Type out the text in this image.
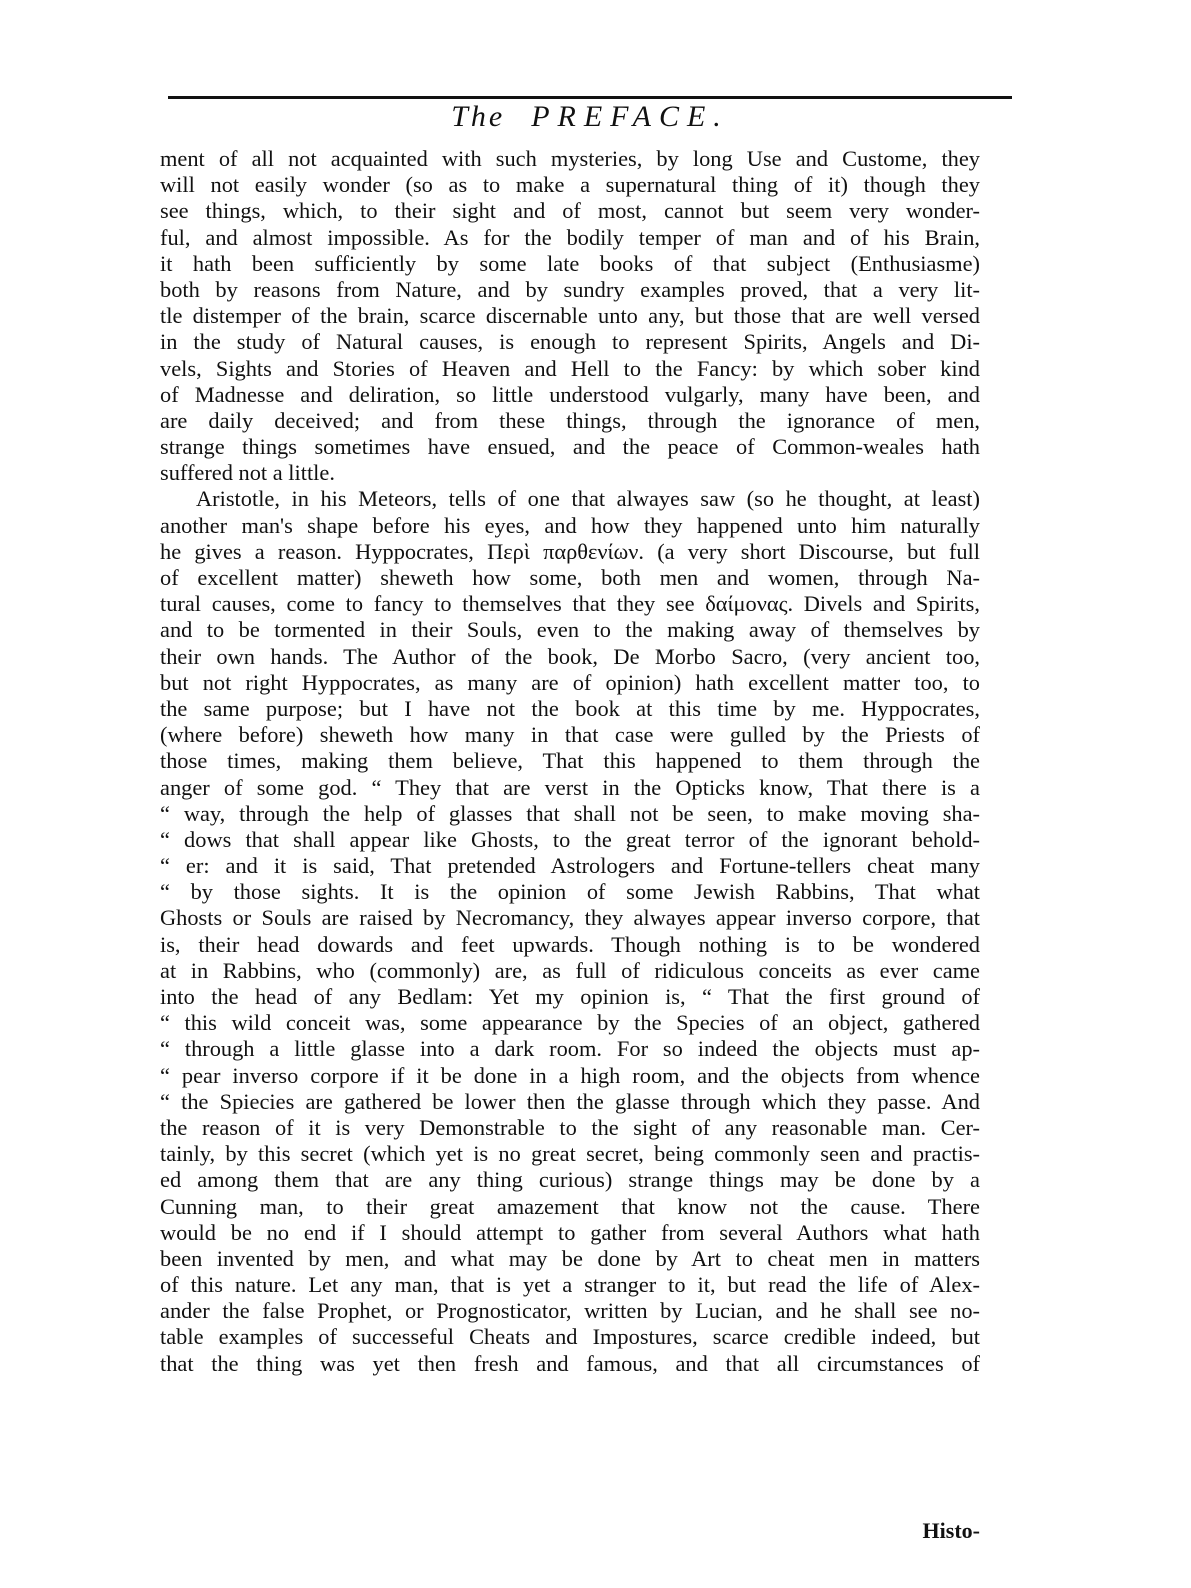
The PREFACE.
ment of all not acquainted with such mysteries, by long Use and Custome, they
will not easily wonder (so as to make a supernatural thing of it) though they
see things, which, to their sight and of most, cannot but seem very wonder-
ful, and almost impossible. As for the bodily temper of man and of his Brain,
it hath been sufficiently by some late books of that subject (Enthusiasme)
both by reasons from Nature, and by sundry examples proved, that a very lit-
tle distemper of the brain, scarce discernable unto any, but those that are well versed
in the study of Natural causes, is enough to represent Spirits, Angels and Di-
vels, Sights and Stories of Heaven and Hell to the Fancy: by which sober kind
of Madnesse and deliration, so little understood vulgarly, many have been, and
are daily deceived; and from these things, through the ignorance of men,
strange things sometimes have ensued, and the peace of Common-weales hath
suffered not a little.
Aristotle, in his Meteors, tells of one that alwayes saw (so he thought, at least)
another man's shape before his eyes, and how they happened unto him naturally
he gives a reason. Hyppocrates, Περὶ παρθενίων. (a very short Discourse, but full
of excellent matter) sheweth how some, both men and women, through Na-
tural causes, come to fancy to themselves that they see δαίμονας. Divels and Spirits,
and to be tormented in their Souls, even to the making away of themselves by
their own hands. The Author of the book, De Morbo Sacro, (very ancient too,
but not right Hyppocrates, as many are of opinion) hath excellent matter too, to
the same purpose; but I have not the book at this time by me. Hyppocrates,
(where before) sheweth how many in that case were gulled by the Priests of
those times, making them believe, That this happened to them through the
anger of some god. “ They that are verst in the Opticks know, That there is a
“ way, through the help of glasses that shall not be seen, to make moving sha-
“ dows that shall appear like Ghosts, to the great terror of the ignorant behold-
“ er: and it is said, That pretended Astrologers and Fortune-tellers cheat many
“ by those sights. It is the opinion of some Jewish Rabbins, That what
Ghosts or Souls are raised by Necromancy, they alwayes appear inverso corpore, that
is, their head dowards and feet upwards. Though nothing is to be wondered
at in Rabbins, who (commonly) are, as full of ridiculous conceits as ever came
into the head of any Bedlam: Yet my opinion is, “ That the first ground of
“ this wild conceit was, some appearance by the Species of an object, gathered
“ through a little glasse into a dark room. For so indeed the objects must ap-
“ pear inverso corpore if it be done in a high room, and the objects from whence
“ the Spiecies are gathered be lower then the glasse through which they passe. And
the reason of it is very Demonstrable to the sight of any reasonable man. Cer-
tainly, by this secret (which yet is no great secret, being commonly seen and practis-
ed among them that are any thing curious) strange things may be done by a
Cunning man, to their great amazement that know not the cause. There
would be no end if I should attempt to gather from several Authors what hath
been invented by men, and what may be done by Art to cheat men in matters
of this nature. Let any man, that is yet a stranger to it, but read the life of Alex-
ander the false Prophet, or Prognosticator, written by Lucian, and he shall see no-
table examples of successeful Cheats and Impostures, scarce credible indeed, but
that the thing was yet then fresh and famous, and that all circumstances of
Histo-
